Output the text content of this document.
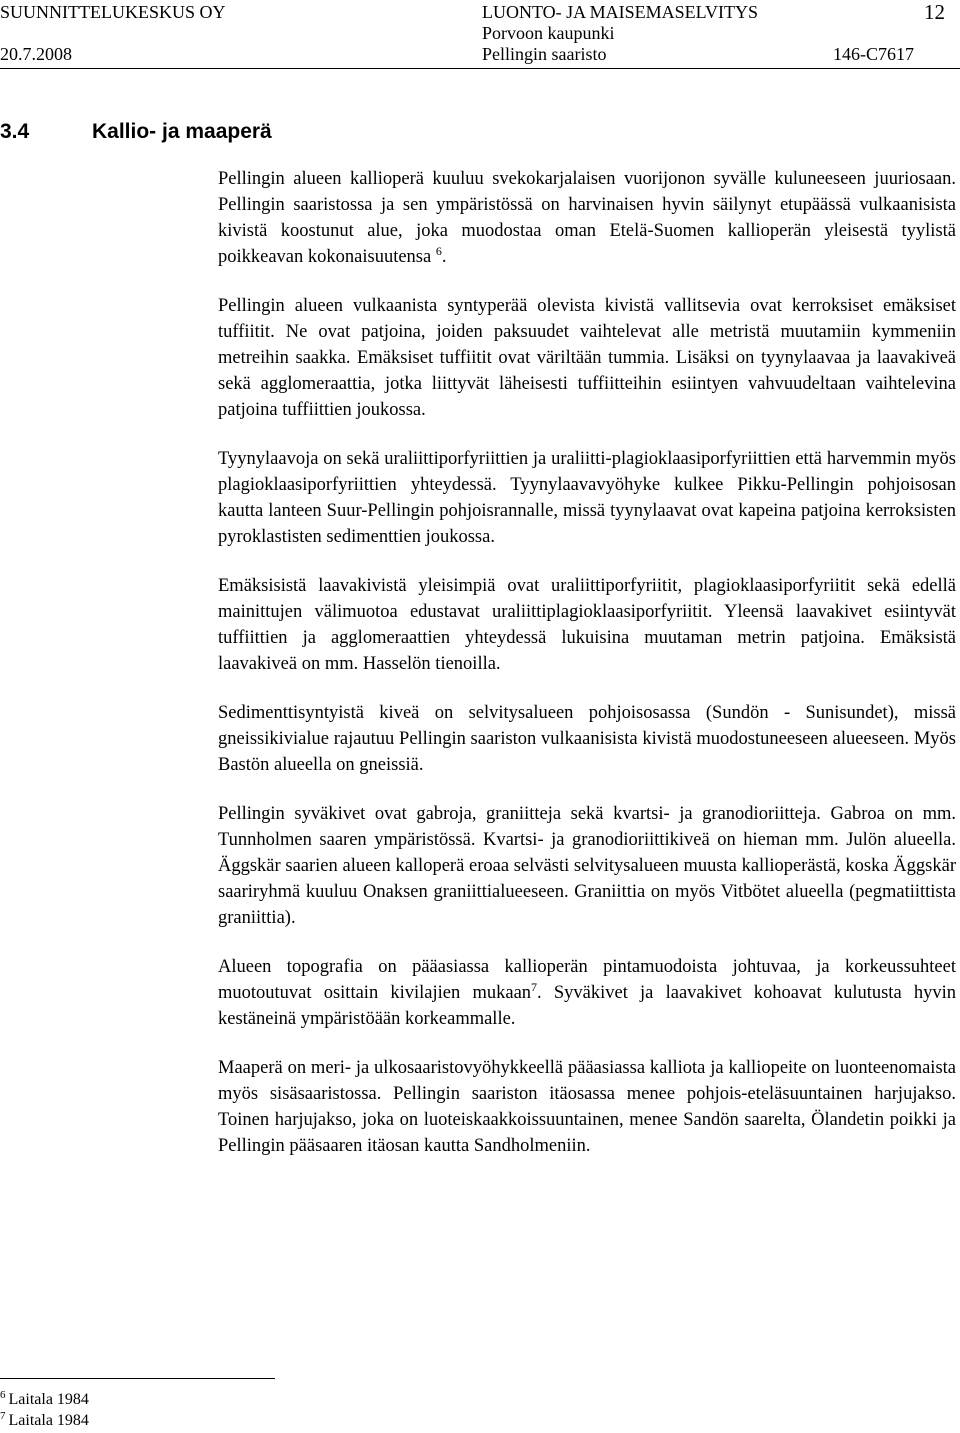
SUUNNITTELUKESKUS OY
20.7.2008
LUONTO- JA MAISEMASELVITYS
Porvoon kaupunki
Pellingin saaristo
12
146-C7617
3.4	Kallio- ja maaperä

Pellingin alueen kallioperä kuuluu svekokarjalaisen vuorijonon syvälle kuluneeseen juuriosaan. Pellingin saaristossa ja sen ympäristössä on harvinaisen hyvin säilynyt etupäässä vulkaanisista kivistä koostunut alue, joka muodostaa oman Etelä-Suomen kallioperän yleisestä tyylistä poikkeavan kokonaisuutensa $^6$.

Pellingin alueen vulkaanista syntyperää olevista kivistä vallitsevia ovat kerroksiset emäksiset tuffiitit. Ne ovat patjoina, joiden paksuudet vaihtelevat alle metristä muutamiin kymmeniin metreihin saakka. Emäksiset tuffiitit ovat väriltään tummia. Lisäksi on tyynylaavaa ja laavakiveä sekä agglomeraattia, jotka liittyvät läheisesti tuffiitteihin esiintyen vahvuudeltaan vaihtelevina patjoina tuffiittien joukossa.

Tyynylaavoja on sekä uraliittiporfyriittien ja uraliitti-plagioklaasiporfyriittien että harvemmin myös plagioklaasiporfyriittien yhteydessä. Tyynylaavavyöhyke kulkee Pikku-Pellingin pohjoisosan kautta lanteen Suur-Pellingin pohjoisrannalle, missä tyynylaavat ovat kapeina patjoina kerroksisten pyroklastisten sedimenttien joukossa.

Emäksisistä laavakivistä yleisimpiä ovat uraliittiporfyriitit, plagioklaasiporfyriitit sekä edellä mainittujen välimuotoa edustavat uraliittiplagioklaasiporfyriitit. Yleensä laavakivet esiintyvät tuffiittien ja agglomeraattien yhteydessä lukuisina muutaman metrin patjoina. Emäksistä laavakiveä on mm. Hasselön tienoilla.

Sedimenttisyntyistä kiveä on selvitysalueen pohjoisosassa (Sundön - Sunisundet), missä gneissikivialue rajautuu Pellingin saariston vulkaanisista kivistä muodostuneeseen alueeseen. Myös Bastön alueella on gneissiä.

Pellingin syväkivet ovat gabroja, graniitteja sekä kvartsi- ja granodioriitteja. Gabroa on mm. Tunnholmen saaren ympäristössä. Kvartsi- ja granodioriittikiveä on hieman mm. Julön alueella. Äggskär saarien alueen kalloperä eroaa selvästi selvitysalueen muusta kallioperästä, koska Äggskär saariryhmä kuuluu Onaksen graniittialueeseen. Graniittia on myös Vitbötet alueella (pegmatiittista graniittia).

Alueen topografia on pääasiassa kallioperän pintamuodoista johtuvaa, ja korkeussuhteet muotoutuvat osittain kivilajien mukaan$^7$. Syväkivet ja laavakivet kohoavat kulutusta hyvin kestäneinä ympäristöään korkeammalle.

Maaperä on meri- ja ulkosaaristovyöhykkeellä pääasiassa kalliota ja kalliopeite on luonteenomaista myös sisäsaaristossa. Pellingin saariston itäosassa menee pohjois-eteläsuuntainen harjujakso. Toinen harjujakso, joka on luoteiskaakkoissuuntainen, menee Sandön saarelta, Ölandetin poikki ja Pellingin pääsaaren itäosan kautta Sandholmeniin.

$^6$ Laitala 1984
$^7$ Laitala 1984
